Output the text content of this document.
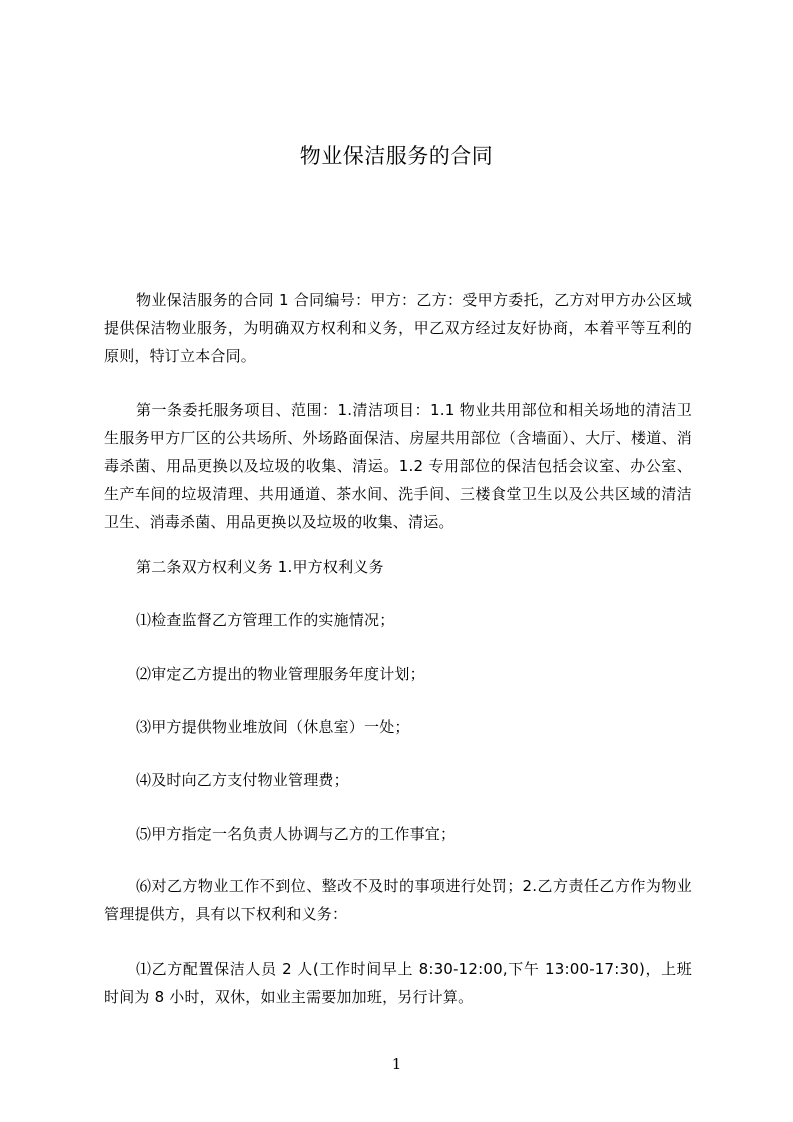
物业保洁服务的合同
物业保洁服务的合同 1 合同编号：甲方：乙方：受甲方委托，乙方对甲方办公区域提供保洁物业服务，为明确双方权利和义务，甲乙双方经过友好协商，本着平等互利的原则，特订立本合同。
第一条委托服务项目、范围：1.清洁项目：1.1 物业共用部位和相关场地的清洁卫生服务甲方厂区的公共场所、外场路面保洁、房屋共用部位（含墙面）、大厅、楼道、消毒杀菌、用品更换以及垃圾的收集、清运。1.2 专用部位的保洁包括会议室、办公室、生产车间的垃圾清理、共用通道、茶水间、洗手间、三楼食堂卫生以及公共区域的清洁卫生、消毒杀菌、用品更换以及垃圾的收集、清运。
第二条双方权利义务 1.甲方权利义务
⑴检查监督乙方管理工作的实施情况；
⑵审定乙方提出的物业管理服务年度计划；
⑶甲方提供物业堆放间（休息室）一处；
⑷及时向乙方支付物业管理费；
⑸甲方指定一名负责人协调与乙方的工作事宜；
⑹对乙方物业工作不到位、整改不及时的事项进行处罚；2.乙方责任乙方作为物业管理提供方，具有以下权利和义务：
⑴乙方配置保洁人员 2 人(工作时间早上 8:30-12:00,下午 13:00-17:30)，上班时间为 8 小时，双休，如业主需要加加班，另行计算。
1
